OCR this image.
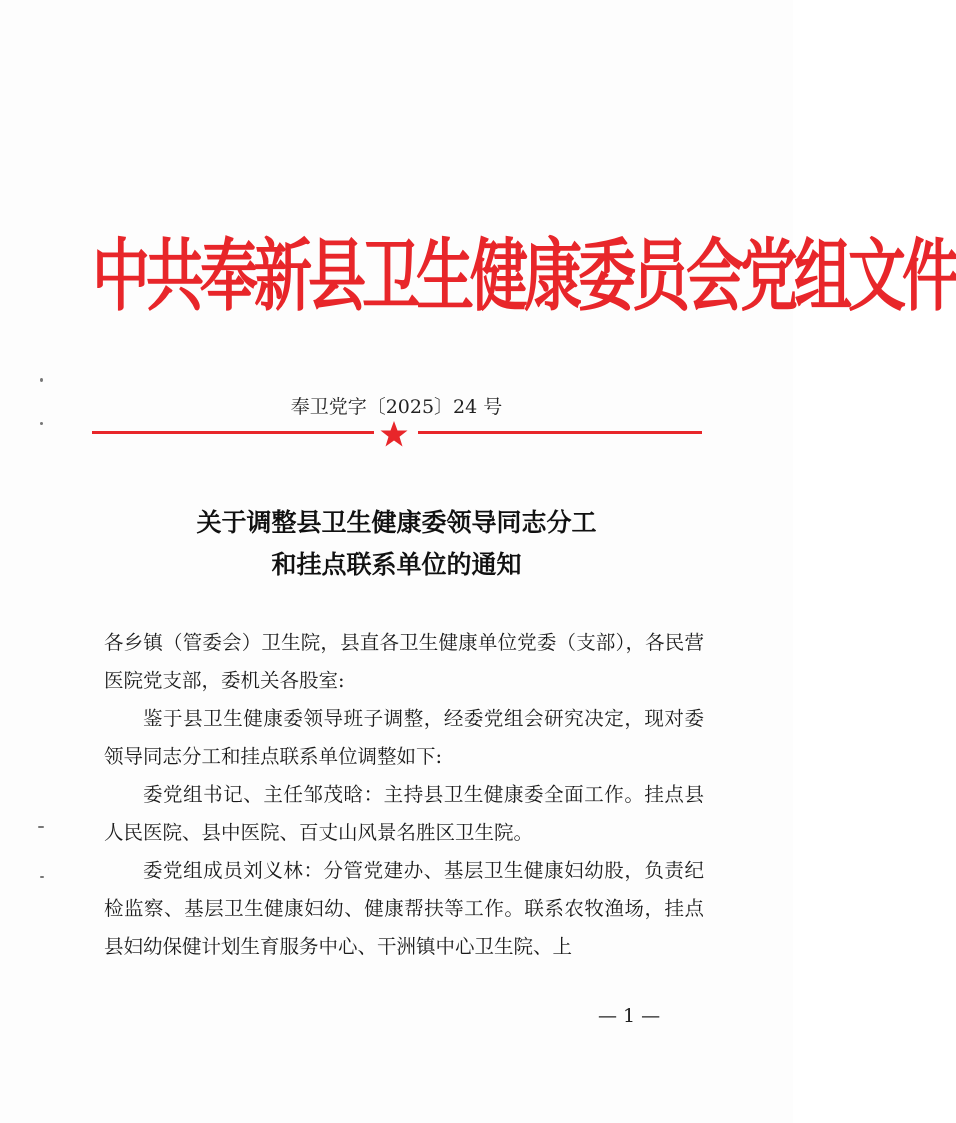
中共奉新县卫生健康委员会党组文件
奉卫党字〔2025〕24 号
关于调整县卫生健康委领导同志分工
和挂点联系单位的通知

各乡镇（管委会）卫生院，县直各卫生健康单位党委（支部），各民营医院党支部，委机关各股室:

鉴于县卫生健康委领导班子调整，经委党组会研究决定，现对委领导同志分工和挂点联系单位调整如下:

委党组书记、主任邹茂晗：主持县卫生健康委全面工作。挂点县人民医院、县中医院、百丈山风景名胜区卫生院。

委党组成员刘义林：分管党建办、基层卫生健康妇幼股，负责纪检监察、基层卫生健康妇幼、健康帮扶等工作。联系农牧渔场，挂点县妇幼保健计划生育服务中心、干洲镇中心卫生院、上

— 1 —
